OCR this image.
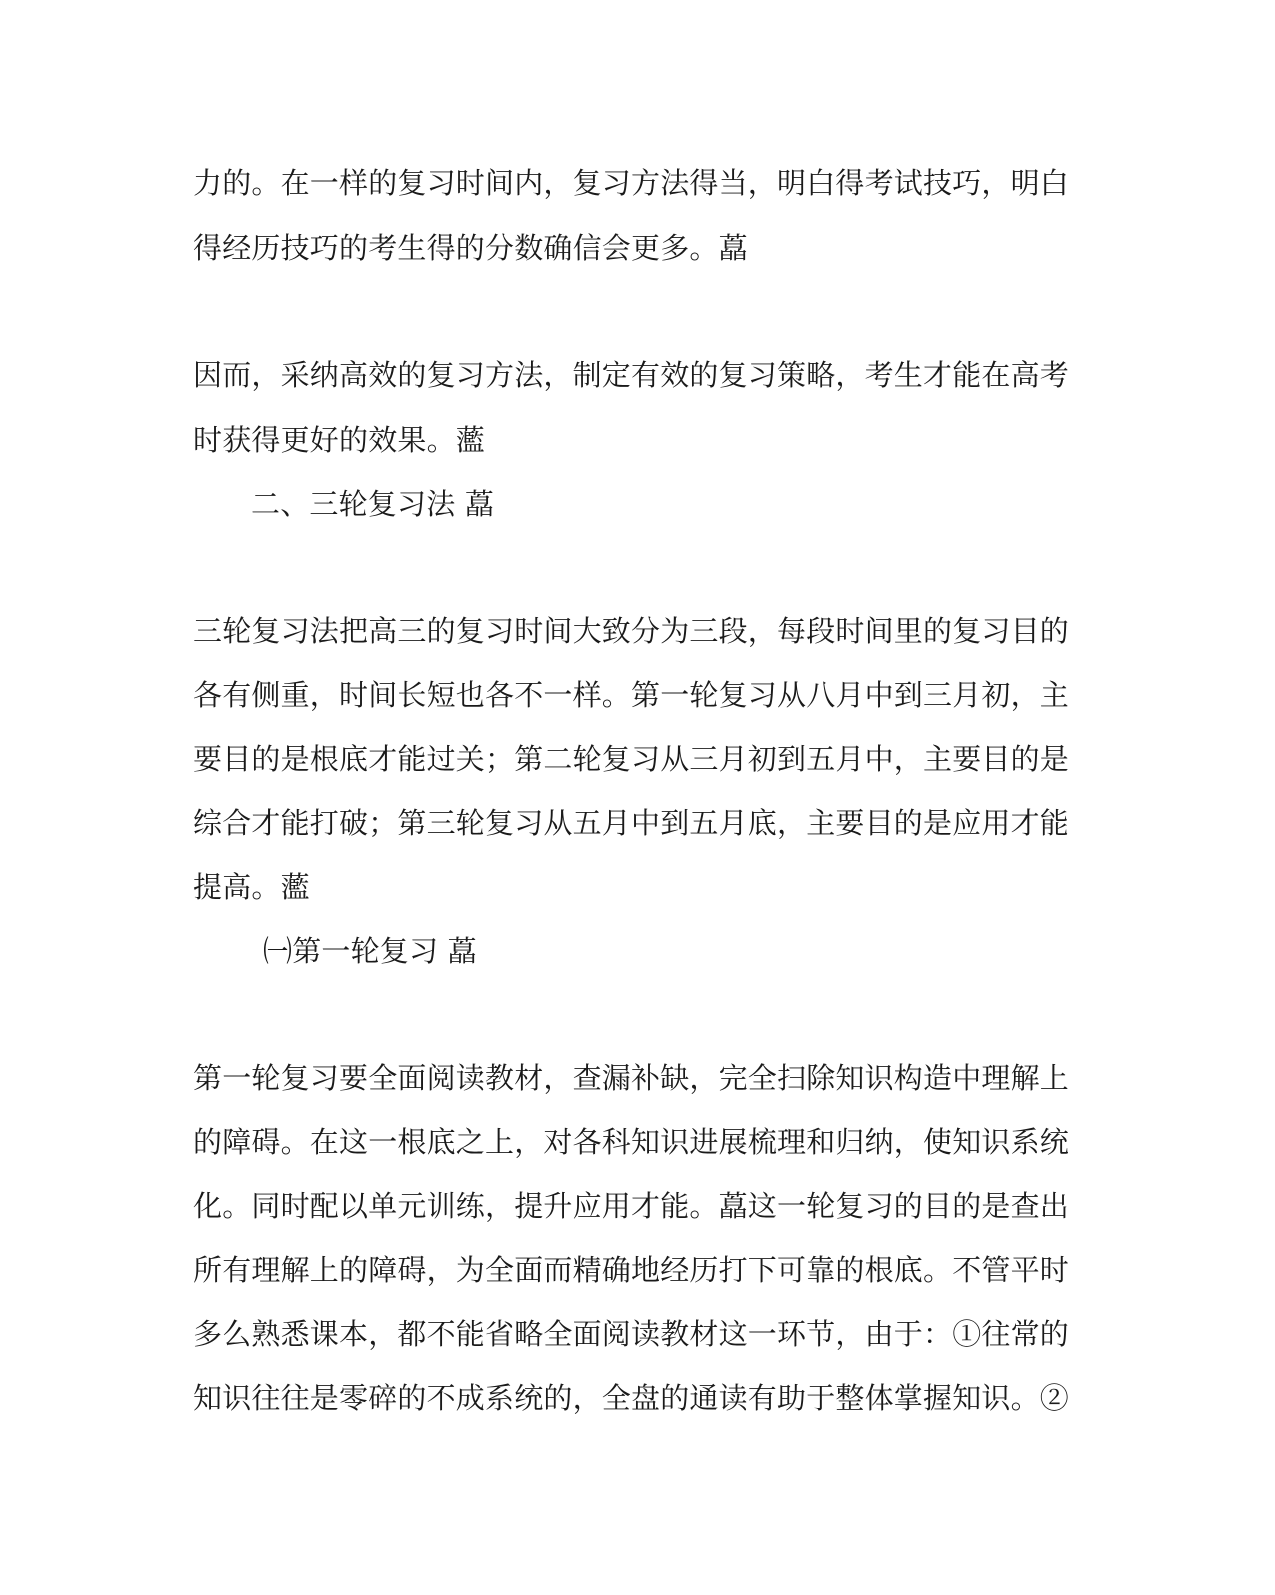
力的。在一样的复习时间内，复习方法得当，明白得考试技巧，明白
得经历技巧的考生得的分数确信会更多。藠
因而，采纳高效的复习方法，制定有效的复习策略，考生才能在高考
时获得更好的效果。蘫
二、三轮复习法 藠
三轮复习法把高三的复习时间大致分为三段，每段时间里的复习目的
各有侧重，时间长短也各不一样。第一轮复习从八月中到三月初，主
要目的是根底才能过关；第二轮复习从三月初到五月中，主要目的是
综合才能打破；第三轮复习从五月中到五月底，主要目的是应用才能
提高。蘫
㈠第一轮复习 藠
第一轮复习要全面阅读教材，查漏补缺，完全扫除知识构造中理解上
的障碍。在这一根底之上，对各科知识进展梳理和归纳，使知识系统
化。同时配以单元训练，提升应用才能。藠这一轮复习的目的是查出
所有理解上的障碍，为全面而精确地经历打下可靠的根底。不管平时
多么熟悉课本，都不能省略全面阅读教材这一环节，由于：①往常的
知识往往是零碎的不成系统的，全盘的通读有助于整体掌握知识。②
